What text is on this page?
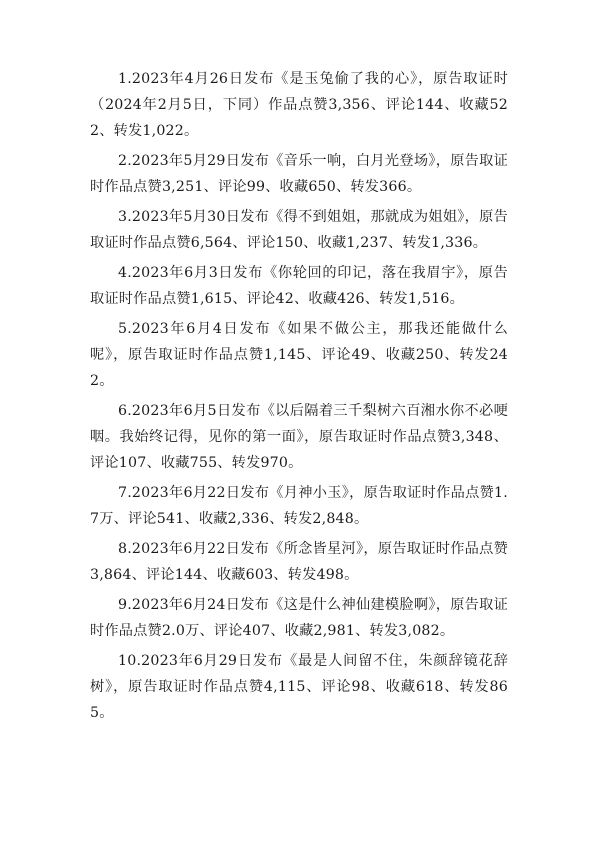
1.2023年4月26日发布《是玉兔偷了我的心》，原告取证时（2024年2月5日，下同）作品点赞3,356、评论144、收藏522、转发1,022。

2.2023年5月29日发布《音乐一响，白月光登场》，原告取证时作品点赞3,251、评论99、收藏650、转发366。

3.2023年5月30日发布《得不到姐姐，那就成为姐姐》，原告取证时作品点赞6,564、评论150、收藏1,237、转发1,336。

4.2023年6月3日发布《你轮回的印记，落在我眉宇》，原告取证时作品点赞1,615、评论42、收藏426、转发1,516。

5.2023年6月4日发布《如果不做公主，那我还能做什么呢》，原告取证时作品点赞1,145、评论49、收藏250、转发242。

6.2023年6月5日发布《以后隔着三千梨树六百湘水你不必哽咽。我始终记得，见你的第一面》，原告取证时作品点赞3,348、评论107、收藏755、转发970。

7.2023年6月22日发布《月神小玉》，原告取证时作品点赞1.7万、评论541、收藏2,336、转发2,848。

8.2023年6月22日发布《所念皆星河》，原告取证时作品点赞3,864、评论144、收藏603、转发498。

9.2023年6月24日发布《这是什么神仙建模脸啊》，原告取证时作品点赞2.0万、评论407、收藏2,981、转发3,082。

10.2023年6月29日发布《最是人间留不住，朱颜辞镜花辞树》，原告取证时作品点赞4,115、评论98、收藏618、转发865。
